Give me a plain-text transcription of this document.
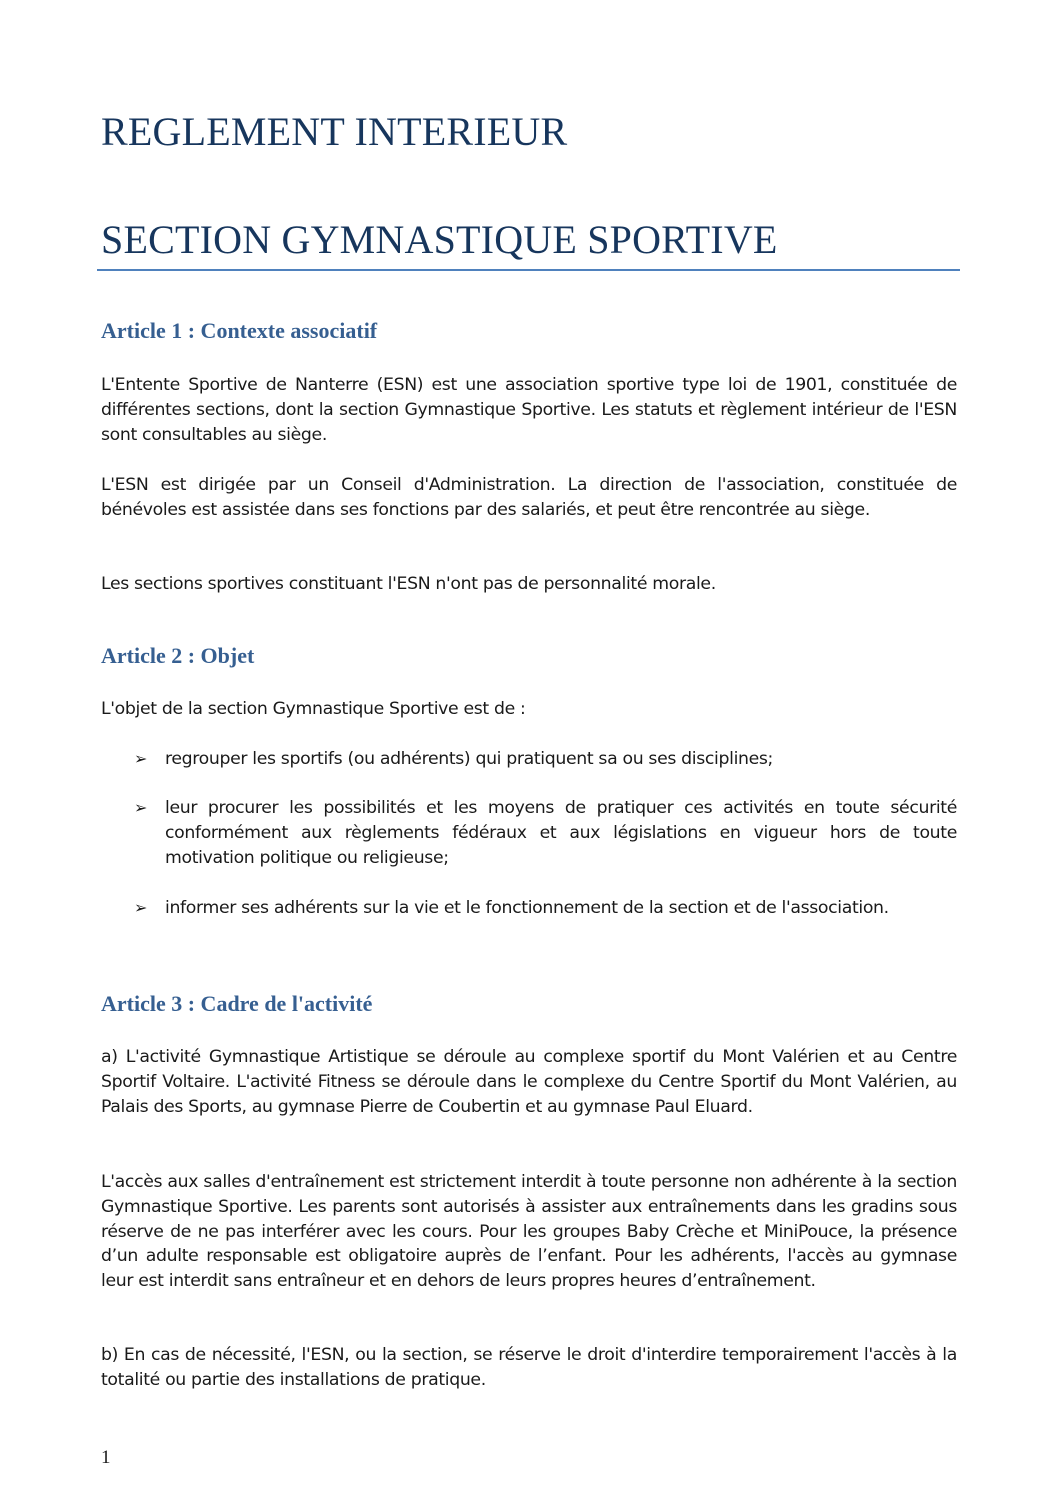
REGLEMENT INTERIEUR
SECTION GYMNASTIQUE SPORTIVE
Article 1 : Contexte associatif

L'Entente Sportive de Nanterre (ESN) est une association sportive type loi de 1901, constituée de différentes sections, dont la section Gymnastique Sportive. Les statuts et règlement intérieur de l'ESN sont consultables au siège.

L'ESN est dirigée par un Conseil d'Administration. La direction de l'association, constituée de bénévoles est assistée dans ses fonctions par des salariés, et peut être rencontrée au siège.

Les sections sportives constituant l'ESN n'ont pas de personnalité morale.

Article 2 : Objet

L'objet de la section Gymnastique Sportive est de :

➢ regrouper les sportifs (ou adhérents) qui pratiquent sa ou ses disciplines;

➢ leur procurer les possibilités et les moyens de pratiquer ces activités en toute sécurité conformément aux règlements fédéraux et aux législations en vigueur hors de toute motivation politique ou religieuse;

➢ informer ses adhérents sur la vie et le fonctionnement de la section et de l'association.

Article 3 : Cadre de l'activité

a) L'activité Gymnastique Artistique se déroule au complexe sportif du Mont Valérien et au Centre Sportif Voltaire. L'activité Fitness se déroule dans le complexe du Centre Sportif du Mont Valérien, au Palais des Sports, au gymnase Pierre de Coubertin et au gymnase Paul Eluard.

L'accès aux salles d'entraînement est strictement interdit à toute personne non adhérente à la section Gymnastique Sportive. Les parents sont autorisés à assister aux entraînements dans les gradins sous réserve de ne pas interférer avec les cours. Pour les groupes Baby Crèche et MiniPouce, la présence d’un adulte responsable est obligatoire auprès de l’enfant. Pour les adhérents, l'accès au gymnase leur est interdit sans entraîneur et en dehors de leurs propres heures d’entraînement.

b) En cas de nécessité, l'ESN, ou la section, se réserve le droit d'interdire temporairement l'accès à la totalité ou partie des installations de pratique.

1
